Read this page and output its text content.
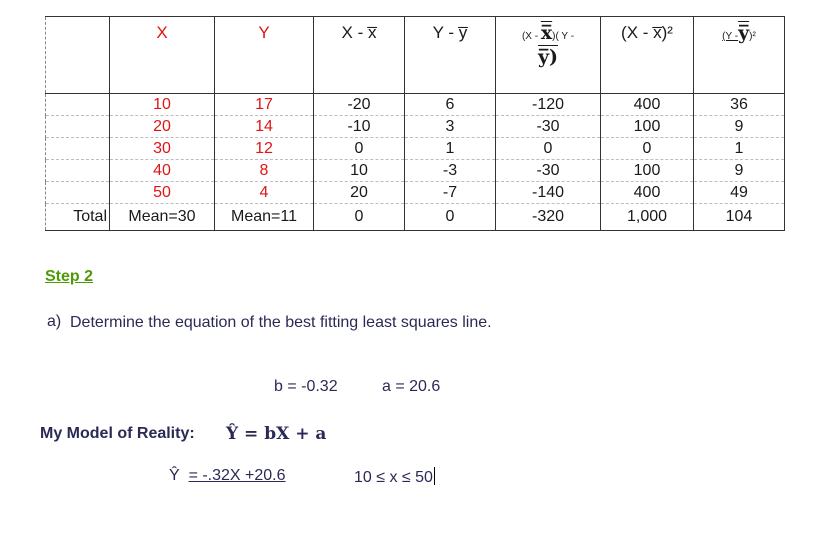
	X	Y	X - x̅	Y - y̅	(X - x̅)( Y -
y̅)	(X - x̅)²	(Y -y̅)²
	10	17	-20	6	-120	400	36
	20	14	-10	3	-30	100	9
	30	12	0	1	0	0	1
	40	8	10	-3	-30	100	9
	50	4	20	-7	-140	400	49
Total	Mean=30	Mean=11	0	0	-320	1,000	104
Step 2
a) Determine the equation of the best fitting least squares line.
b = -0.32	a = 20.6
My Model of Reality: Ŷ = bX + a
Ŷ = -.32X +20.6	10 ≤ x ≤ 50
